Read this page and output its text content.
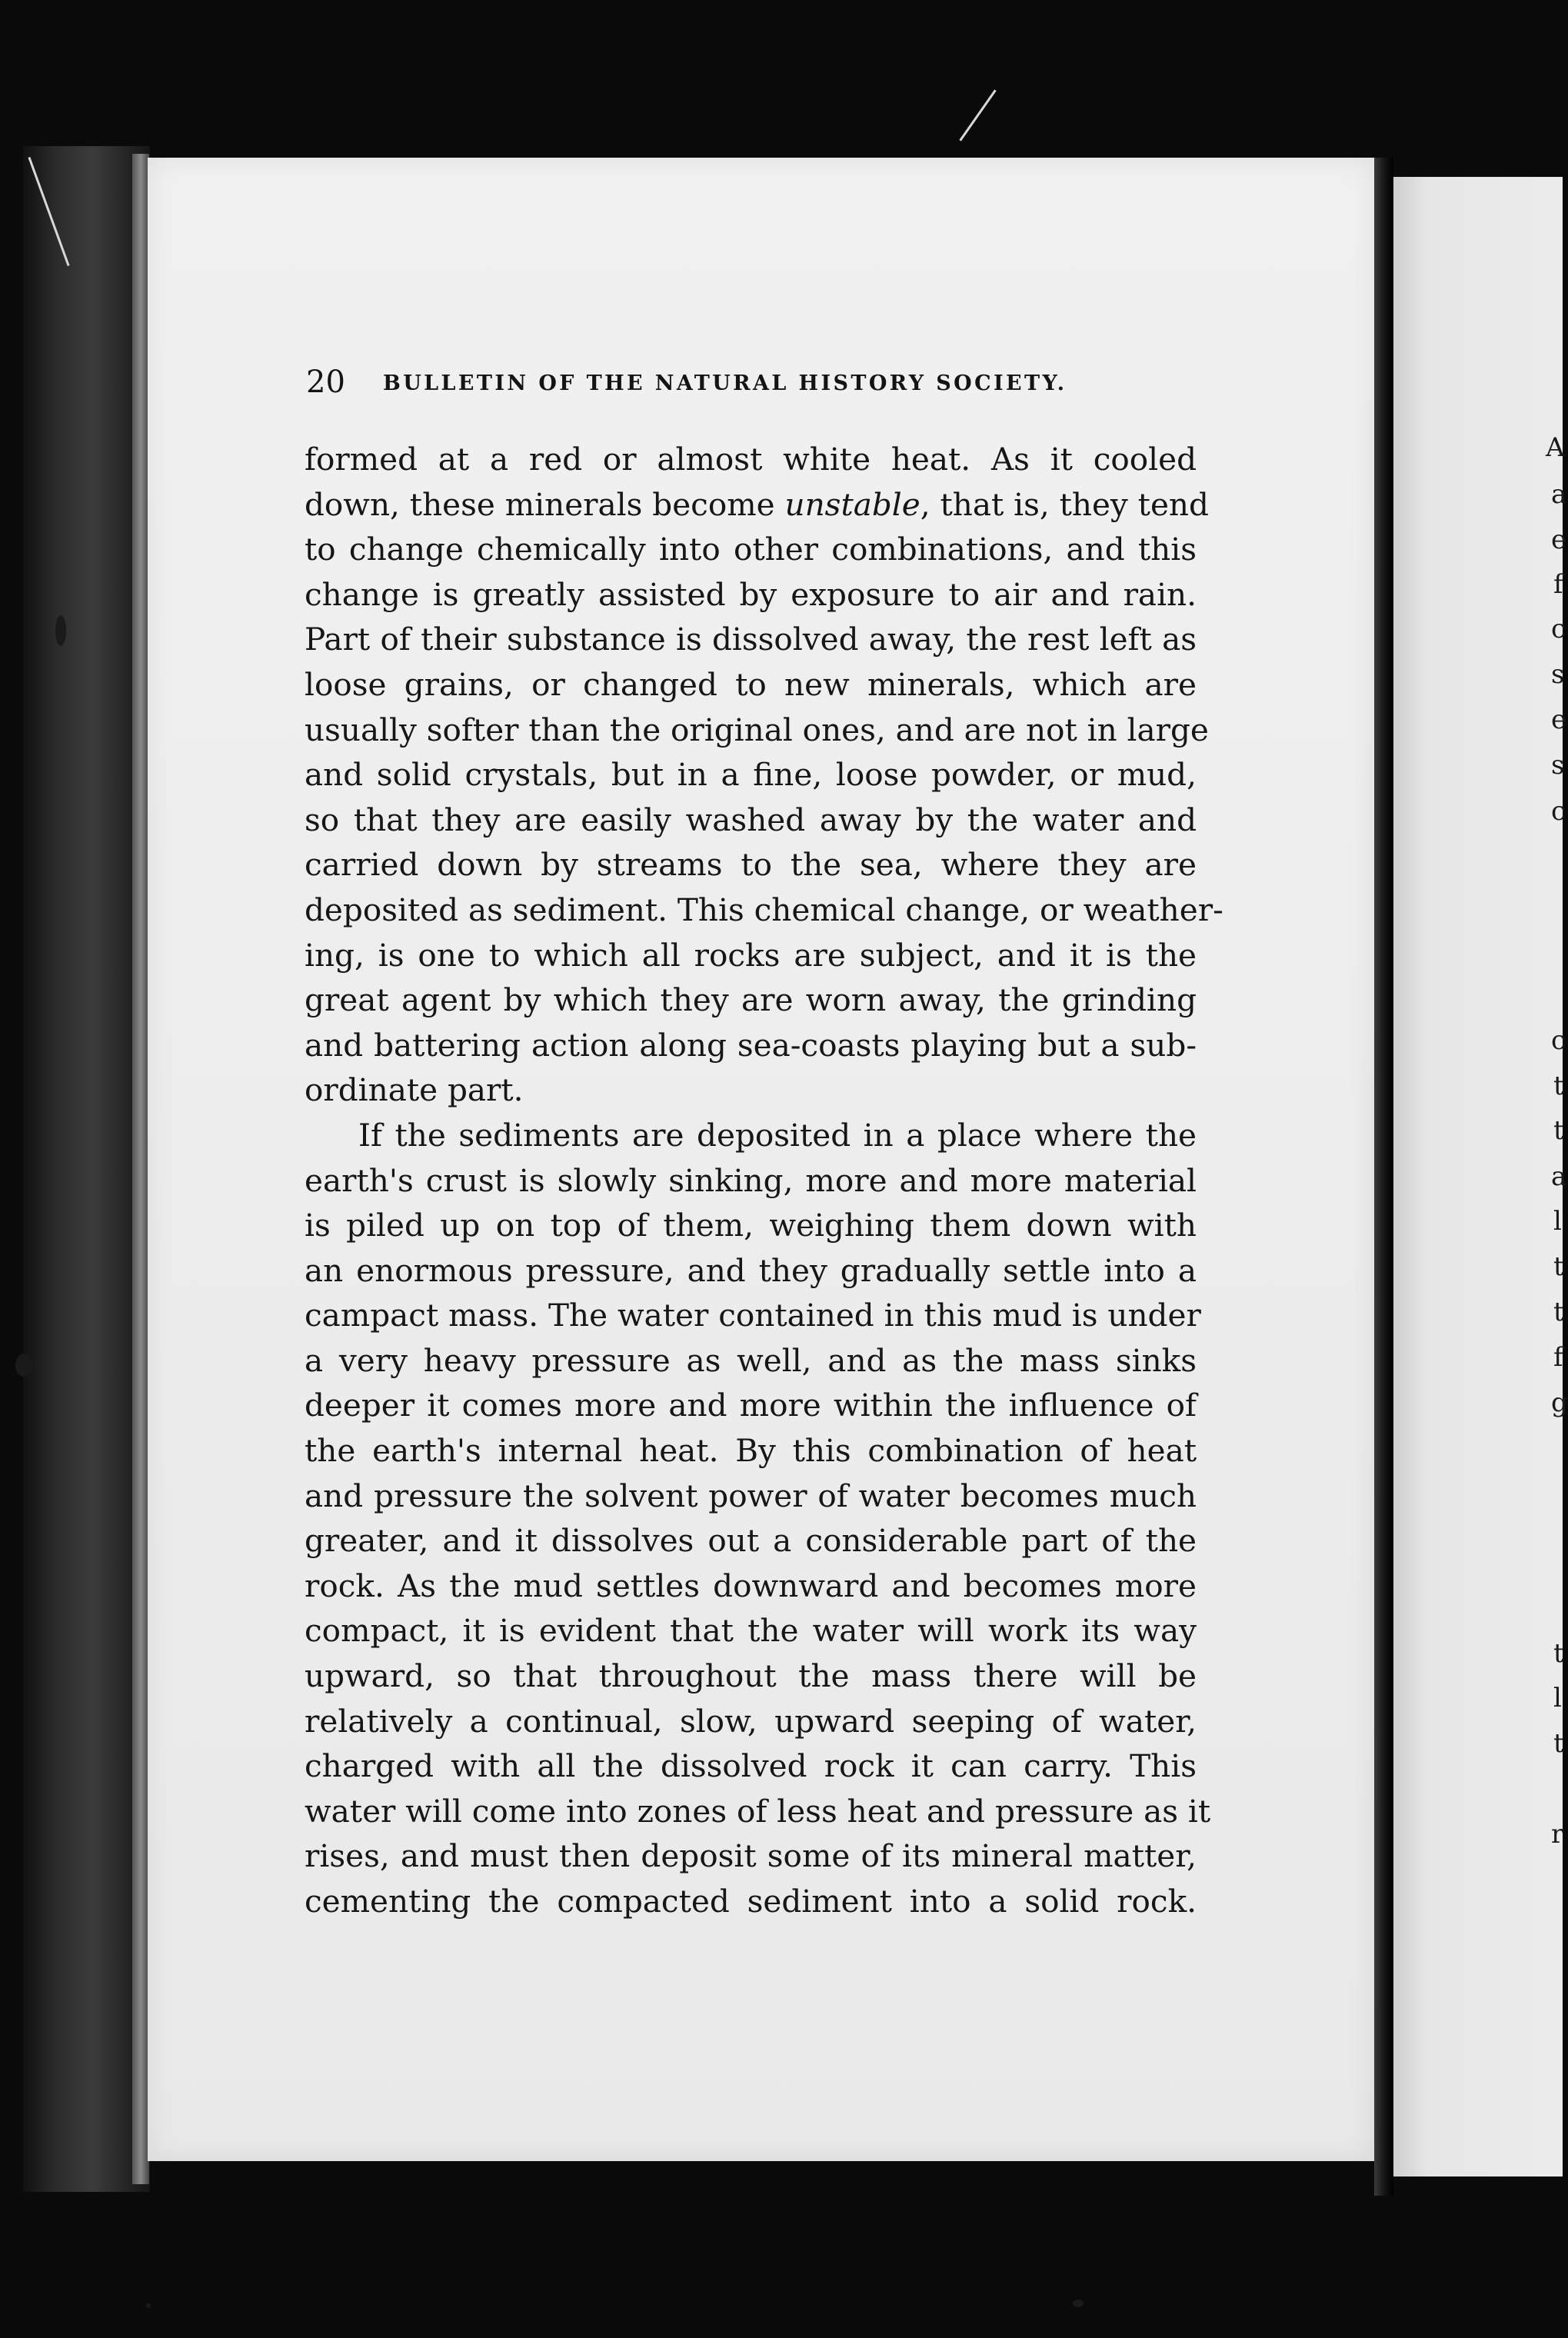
A
a
e
f
c
s
e
s
c
c
t
t
a
l
t
t
f
g
t
l
t
r
20 BULLETIN OF THE NATURAL HISTORY SOCIETY.
formed at a red or almost white heat. As it cooled
down, these minerals become unstable, that is, they tend
to change chemically into other combinations, and this
change is greatly assisted by exposure to air and rain.
Part of their substance is dissolved away, the rest left as
loose grains, or changed to new minerals, which are
usually softer than the original ones, and are not in large
and solid crystals, but in a fine, loose powder, or mud,
so that they are easily washed away by the water and
carried down by streams to the sea, where they are
deposited as sediment. This chemical change, or weather-
ing, is one to which all rocks are subject, and it is the
great agent by which they are worn away, the grinding
and battering action along sea-coasts playing but a sub-
ordinate part.
If the sediments are deposited in a place where the
earth's crust is slowly sinking, more and more material
is piled up on top of them, weighing them down with
an enormous pressure, and they gradually settle into a
campact mass. The water contained in this mud is under
a very heavy pressure as well, and as the mass sinks
deeper it comes more and more within the influence of
the earth's internal heat. By this combination of heat
and pressure the solvent power of water becomes much
greater, and it dissolves out a considerable part of the
rock. As the mud settles downward and becomes more
compact, it is evident that the water will work its way
upward, so that throughout the mass there will be
relatively a continual, slow, upward seeping of water,
charged with all the dissolved rock it can carry. This
water will come into zones of less heat and pressure as it
rises, and must then deposit some of its mineral matter,
cementing the compacted sediment into a solid rock.
